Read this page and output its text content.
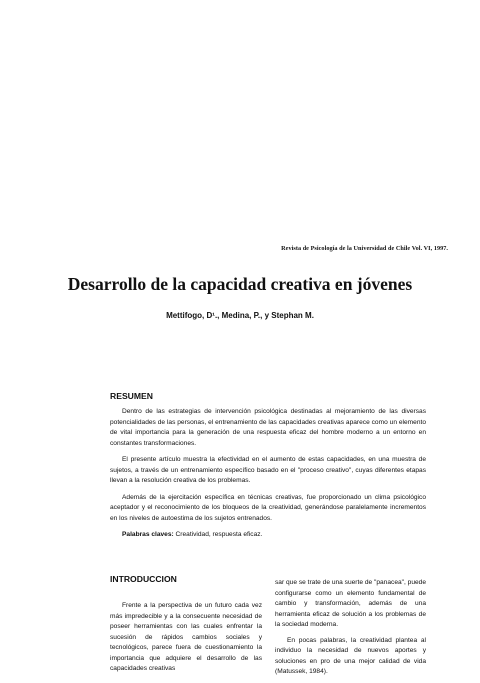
Revista de Psicología de la Universidad de Chile Vol. VI, 1997.
Desarrollo de la capacidad creativa en jóvenes
Mettifogo, D¹., Medina, P., y Stephan M.
RESUMEN

Dentro de las estrategias de intervención psicológica destinadas al mejoramiento de las diversas potencialidades de las personas, el entrenamiento de las capacidades creativas aparece como un elemento de vital importancia para la generación de una respuesta eficaz del hombre moderno a un entorno en constantes transformaciones.

El presente artículo muestra la efectividad en el aumento de estas capacidades, en una muestra de sujetos, a través de un entrenamiento específico basado en el "proceso creativo", cuyas diferentes etapas llevan a la resolución creativa de los problemas.

Además de la ejercitación específica en técnicas creativas, fue proporcionado un clima psicológico aceptador y el reconocimiento de los bloqueos de la creatividad, generándose paralelamente incrementos en los niveles de autoestima de los sujetos entrenados.

Palabras claves: Creatividad, respuesta eficaz.

INTRODUCCION

Frente a la perspectiva de un futuro cada vez más impredecible y a la consecuente necesidad de poseer herramientas con las cuales enfrentar la sucesión de rápidos cambios sociales y tecnológicos, parece fuera de cuestionamiento la importancia que adquiere el desarrollo de las capacidades creativas

sar que se trate de una suerte de "panacea", puede configurarse como un elemento fundamental de cambio y transformación, además de una herramienta eficaz de solución a los problemas de la sociedad moderna.

En pocas palabras, la creatividad plantea al individuo la necesidad de nuevos aportes y soluciones en pro de una mejor calidad de vida (Matussek, 1984).
